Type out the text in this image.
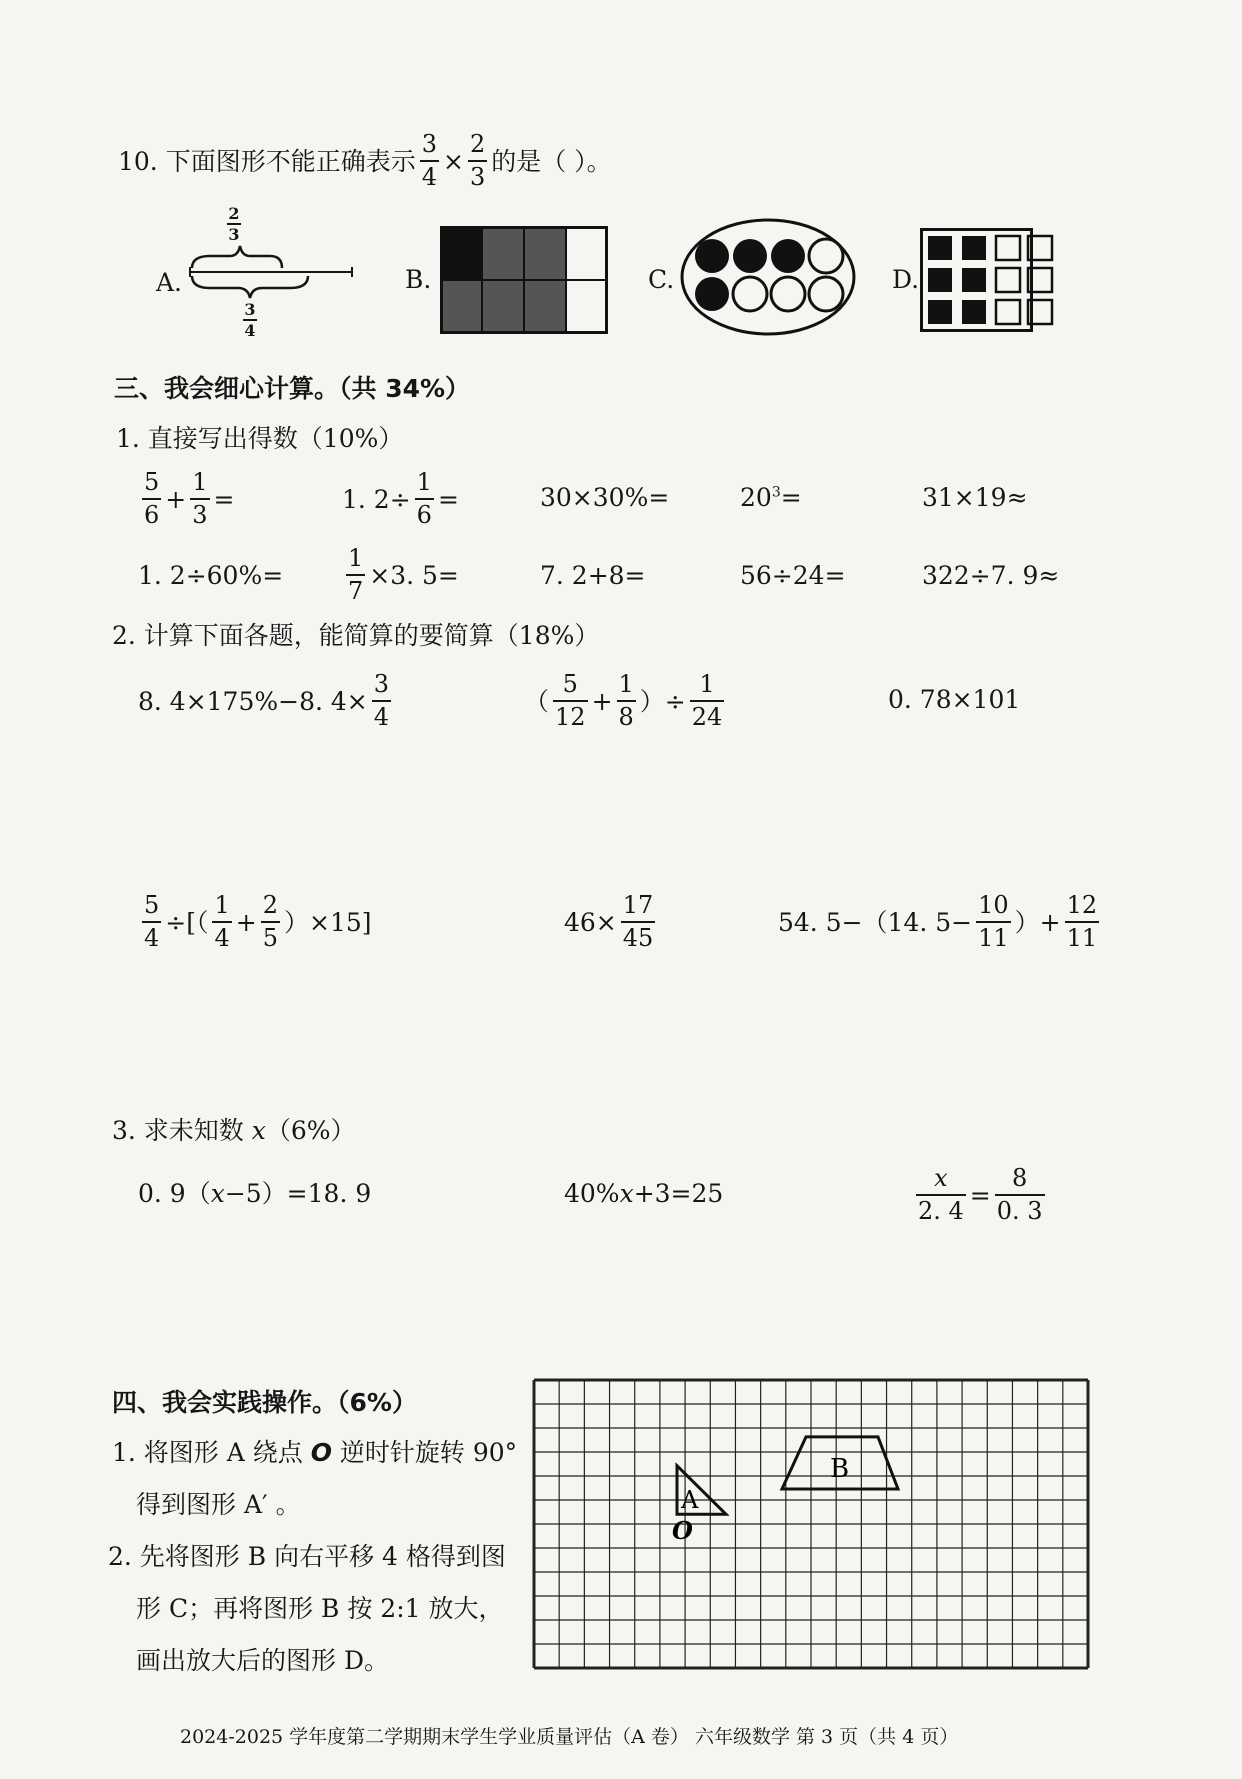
10. 下面图形不能正确表示 $\frac{3}{4} \times \frac{2}{3}$ 的是（ ）。
A.
2
3
3
4
B.	C.	D.
三、我会细心计算。（共 34%）
1. 直接写出得数（10%）
$\frac{5}{6} + \frac{1}{3}$ =	1. $2\div \frac{1}{6}$ =	30×30%=	$20^3=$	31×19≈
1. 2÷60%=	$\frac{1}{7} \times 3$. 5=	7. 2+8=	56÷24=	322÷7. 9≈
2. 计算下面各题，能简算的要简算（18%）
8. 4×175%−8. $4\times \frac{3}{4}$	（ $\frac{5}{12} + \frac{1}{8}$ ）÷ $\frac{1}{24}$	0. 78×101
$\frac{5}{4}$ ÷[（ $\frac{1}{4} + \frac{2}{5} )\times 15$]	$46\times \frac{17}{45}$	54. 5−（14. $5- \frac{10}{11}$ ）+ $\frac{12}{11}$
3. 求未知数 x（6%）
0. 9（x−5）=18. 9	40%x+3=25	$\frac{x}{2. 4} = \frac{8}{0. 3}$
四、我会实践操作。（6%）
1. 将图形 A 绕点 O 逆时针旋转 90°
得到图形 A′ 。
2. 先将图形 B 向右平移 4 格得到图
形 C；再将图形 B 按 2:1 放大，
画出放大后的图形 D。
A
B
O
2024-2025 学年度第二学期期末学生学业质量评估（A 卷） 六年级数学 第 3 页（共 4 页）
